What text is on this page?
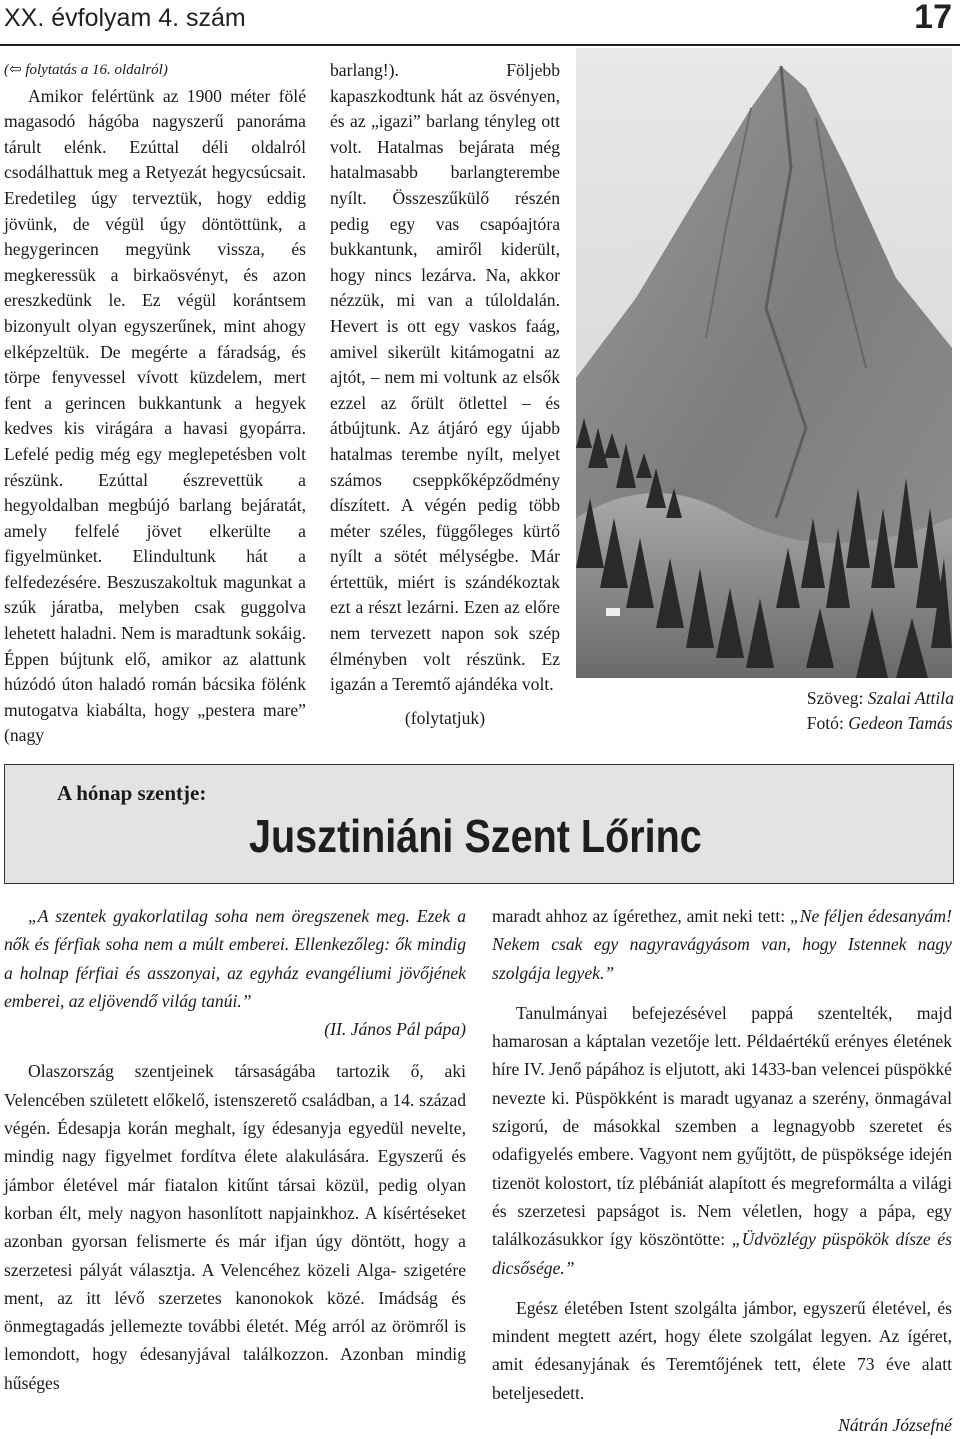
XX. évfolyam 4. szám	17

(⇦ folytatás a 16. oldalról)

Amikor felértünk az 1900 méter fölé magasodó hágóba nagyszerű panoráma tárult elénk. Ezúttal déli oldalról csodálhattuk meg a Retyezát hegycsúcsait. Eredetileg úgy terveztük, hogy eddig jövünk, de végül úgy döntöttünk, a hegygerincen megyünk vissza, és megkeressük a birkaösvényt, és azon ereszkedünk le. Ez végül korántsem bizonyult olyan egyszerűnek, mint ahogy elképzeltük. De megérte a fáradság, és törpe fenyvessel vívott küzdelem, mert fent a gerincen bukkantunk a hegyek kedves kis virágára a havasi gyopárra. Lefelé pedig még egy meglepetésben volt részünk. Ezúttal észrevettük a hegyoldalban megbújó barlang bejáratát, amely felfelé jövet elkerülte a figyelmünket. Elindultunk hát a felfedezésére. Beszuszakoltuk magunkat a szúk járatba, melyben csak guggolva lehetett haladni. Nem is maradtunk sokáig. Éppen bújtunk elő, amikor az alattunk húzódó úton haladó román bácsika fölénk mutogatva kiabálta, hogy „pestera mare” (nagy

barlang!). Följebb kapaszkodtunk hát az ösvényen, és az „igazi” barlang tényleg ott volt. Hatalmas bejárata még hatalmasabb barlangterembe nyílt. Összeszűkülő részén pedig egy vas csapóajtóra bukkantunk, amiről kiderült, hogy nincs lezárva. Na, akkor nézzük, mi van a túloldalán. Hevert is ott egy vaskos faág, amivel sikerült kitámogatni az ajtót, – nem mi voltunk az elsők ezzel az őrült ötlettel – és átbújtunk. Az átjáró egy újabb hatalmas terembe nyílt, melyet számos cseppkőképződmény díszített. A végén pedig több méter széles, függőleges kürtő nyílt a sötét mélységbe. Már értettük, miért is szándékoztak ezt a részt lezárni. Ezen az előre nem tervezett napon sok szép élményben volt részünk. Ez igazán a Teremtő ajándéka volt.

(folytatjuk)

Szöveg: Szalai Attila
Fotó: Gedeon Tamás
A hónap szentje:
Jusztiniáni Szent Lőrinc

„A szentek gyakorlatilag soha nem öregszenek meg. Ezek a nők és férfiak soha nem a múlt emberei. Ellenkezőleg: ők mindig a holnap férfiai és asszonyai, az egyház evangéliumi jövőjének emberei, az eljövendő világ tanúi.”

(II. János Pál pápa)

Olaszország szentjeinek társaságába tartozik ő, aki Velencében született előkelő, istenszerető családban, a 14. század végén. Édesapja korán meghalt, így édesanyja egyedül nevelte, mindig nagy figyelmet fordítva élete alakulására. Egyszerű és jámbor életével már fiatalon kitűnt társai közül, pedig olyan korban élt, mely nagyon hasonlított napjainkhoz. A kísértéseket azonban gyorsan felismerte és már ifjan úgy döntött, hogy a szerzetesi pályát választja. A Velencéhez közeli Alga- szigetére ment, az itt lévő szerzetes kanonokok közé. Imádság és önmegtagadás jellemezte további életét. Még arról az örömről is lemondott, hogy édesanyjával találkozzon. Azonban mindig hűséges

maradt ahhoz az ígérethez, amit neki tett: „Ne féljen édesanyám! Nekem csak egy nagyravágyásom van, hogy Istennek nagy szolgája legyek.”

Tanulmányai befejezésével pappá szentelték, majd hamarosan a káptalan vezetője lett. Példaértékű erényes életének híre IV. Jenő pápához is eljutott, aki 1433-ban velencei püspökké nevezte ki. Püspökként is maradt ugyanaz a szerény, önmagával szigorú, de másokkal szemben a legnagyobb szeretet és odafigyelés embere. Vagyont nem gyűjtött, de püspöksége idején tizenöt kolostort, tíz plébániát alapított és megreformálta a világi és szerzetesi papságot is. Nem véletlen, hogy a pápa, egy találkozásukkor így köszöntötte: „Üdvözlégy püspökök dísze és dicsősége.”

Egész életében Istent szolgálta jámbor, egyszerű életével, és mindent megtett azért, hogy élete szolgálat legyen. Az ígéret, amit édesanyjának és Teremtőjének tett, élete 73 éve alatt beteljesedett.

Nátrán Józsefné
